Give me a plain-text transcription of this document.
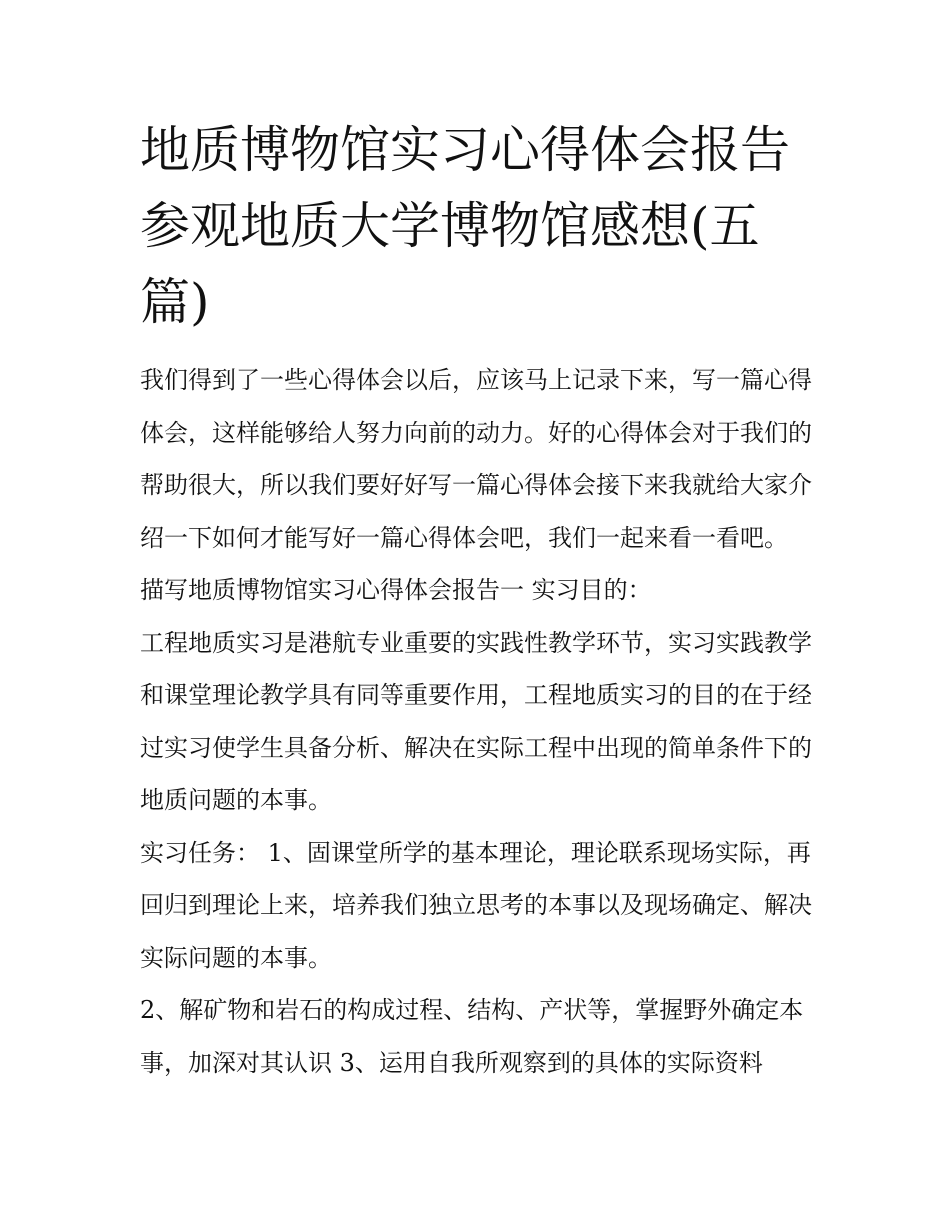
地质博物馆实习心得体会报告参观地质大学博物馆感想(五篇)

我们得到了一些心得体会以后，应该马上记录下来，写一篇心得体会，这样能够给人努力向前的动力。好的心得体会对于我们的帮助很大，所以我们要好好写一篇心得体会接下来我就给大家介绍一下如何才能写好一篇心得体会吧，我们一起来看一看吧。

描写地质博物馆实习心得体会报告一 实习目的：

工程地质实习是港航专业重要的实践性教学环节，实习实践教学和课堂理论教学具有同等重要作用，工程地质实习的目的在于经过实习使学生具备分析、解决在实际工程中出现的简单条件下的地质问题的本事。

实习任务： 1、固课堂所学的基本理论，理论联系现场实际，再回归到理论上来，培养我们独立思考的本事以及现场确定、解决实际问题的本事。

2、解矿物和岩石的构成过程、结构、产状等，掌握野外确定本事，加深对其认识 3、运用自我所观察到的具体的实际资料
